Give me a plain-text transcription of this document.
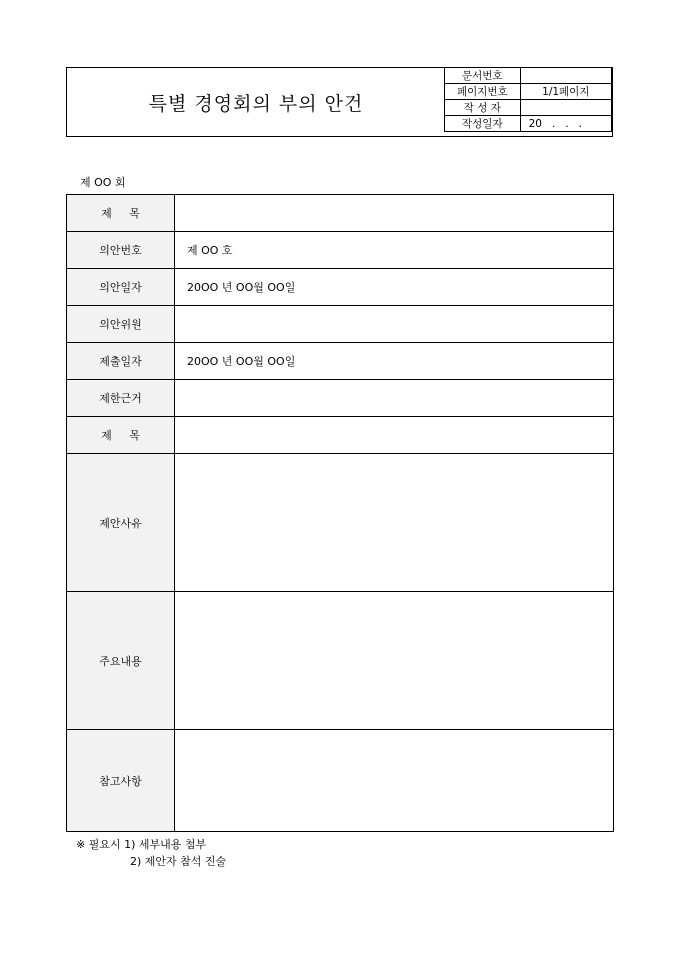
특별 경영회의 부의 안건
문서번호	
페이지번호	1/1페이지
작 성 자	
작성일자	20   .   .   .
제 OO 회
제     목	
의안번호	제 OO 호
의안일자	20OO 년 OO월 OO일
의안위원	
제출일자	20OO 년 OO월 OO일
제한근거	
제     목	
제안사유	
주요내용	
참고사항	
※ 필요시 1) 세부내용 첨부
2) 제안자 참석 진술
